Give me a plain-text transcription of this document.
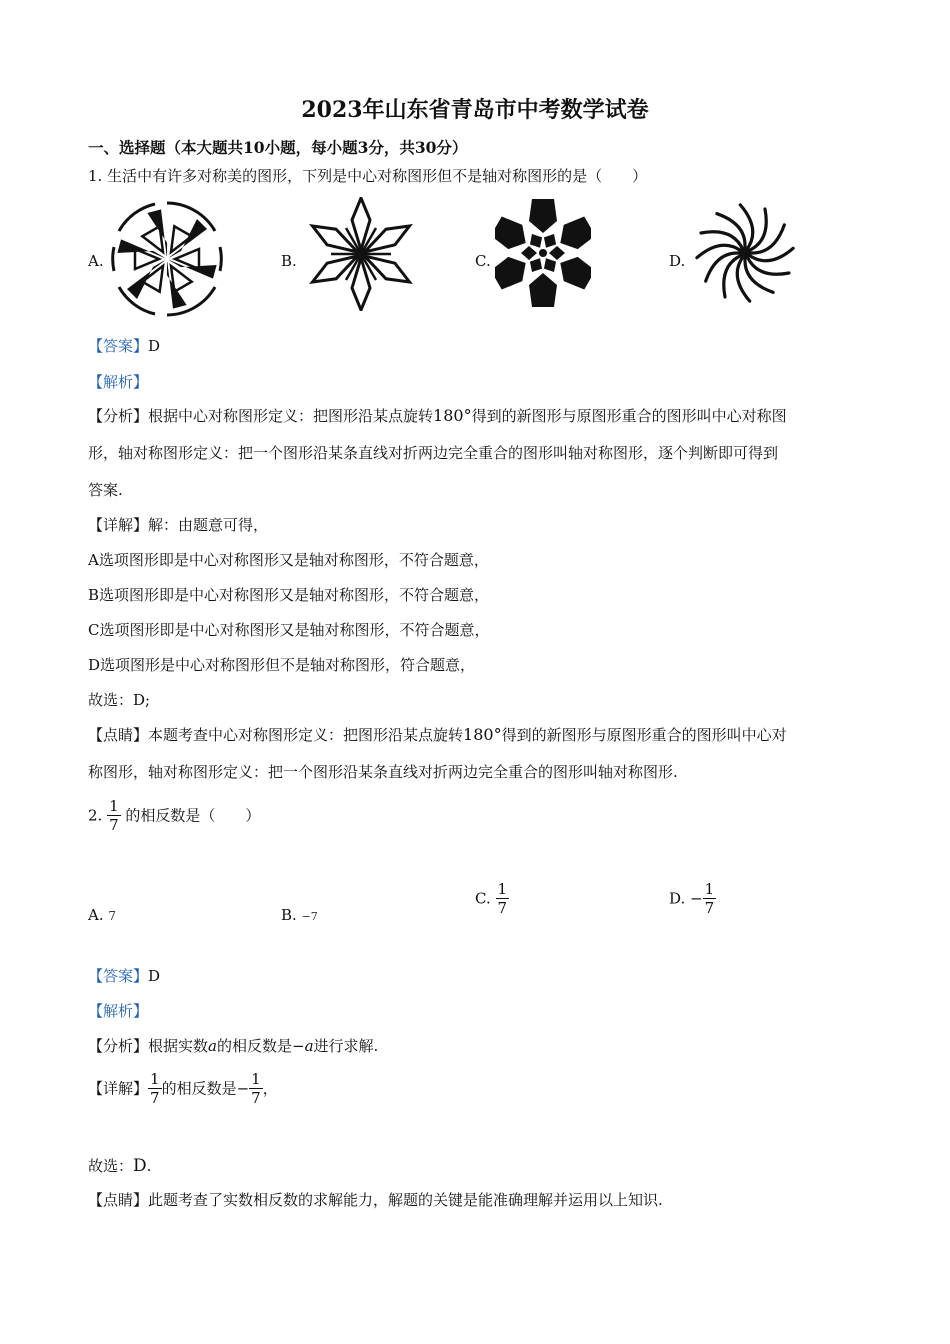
2023年山东省青岛市中考数学试卷
一、选择题（本大题共10小题，每小题3分，共30分）
1. 生活中有许多对称美的图形，下列是中心对称图形但不是轴对称图形的是（　　）
A.	B.	C.	D.
【答案】D
【解析】
【分析】根据中心对称图形定义：把图形沿某点旋转180°得到的新图形与原图形重合的图形叫中心对称图
形，轴对称图形定义：把一个图形沿某条直线对折两边完全重合的图形叫轴对称图形，逐个判断即可得到
答案.
【详解】解：由题意可得，
A选项图形即是中心对称图形又是轴对称图形，不符合题意，
B选项图形即是中心对称图形又是轴对称图形，不符合题意，
C选项图形即是中心对称图形又是轴对称图形，不符合题意，
D选项图形是中心对称图形但不是轴对称图形，符合题意，
故选：D;
【点睛】本题考查中心对称图形定义：把图形沿某点旋转180°得到的新图形与原图形重合的图形叫中心对
称图形，轴对称图形定义：把一个图形沿某条直线对折两边完全重合的图形叫轴对称图形.
2. $\frac{1}{7}$ 的相反数是（　　）
A. 7	B. −7
C. $\frac{1}{7}$	D. − $\frac{1}{7}$
【答案】D
【解析】
【分析】根据实数a的相反数是−a进行求解.
【详解】 $\frac{1}{7}$ 的相反数是− $\frac{1}{7}$ ，
故选：D.
【点睛】此题考查了实数相反数的求解能力，解题的关键是能准确理解并运用以上知识.
